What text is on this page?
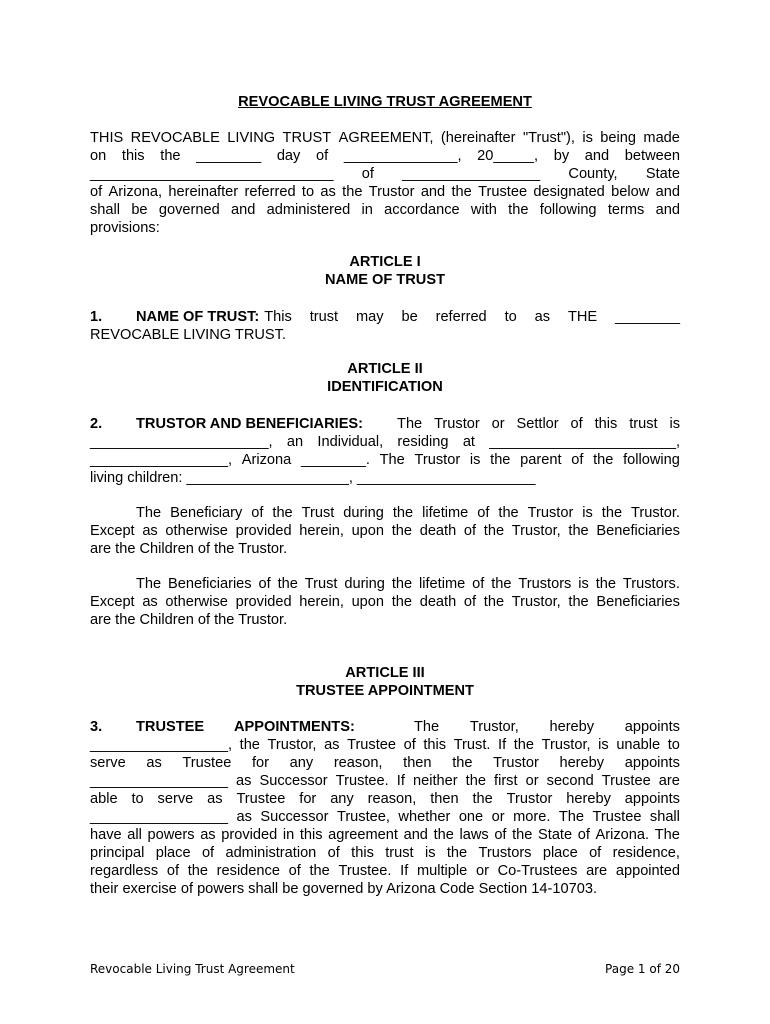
REVOCABLE LIVING TRUST AGREEMENT
THIS REVOCABLE LIVING TRUST AGREEMENT, (hereinafter "Trust"), is being made
on this the ________ day of ______________, 20_____, by and between
______________________________ of _________________ County, State
of Arizona, hereinafter referred to as the Trustor and the Trustee designated below and
shall be governed and administered in accordance with the following terms and
provisions:
ARTICLE I
NAME OF TRUST
1.	NAME OF TRUST: This trust may be referred to as THE ________
REVOCABLE LIVING TRUST.
ARTICLE II
IDENTIFICATION
2.	TRUSTOR AND BENEFICIARIES: The Trustor or Settlor of this trust is
______________________, an Individual, residing at _______________________,
_________________, Arizona ________. The Trustor is the parent of the following
living children: ____________________, ______________________
The Beneficiary of the Trust during the lifetime of the Trustor is the Trustor.
Except as otherwise provided herein, upon the death of the Trustor, the Beneficiaries
are the Children of the Trustor.
The Beneficiaries of the Trust during the lifetime of the Trustors is the Trustors.
Except as otherwise provided herein, upon the death of the Trustor, the Beneficiaries
are the Children of the Trustor.
ARTICLE III
TRUSTEE APPOINTMENT
3.	TRUSTEE	APPOINTMENTS:	The Trustor, hereby appoints
_________________, the Trustor, as Trustee of this Trust. If the Trustor, is unable to
serve as Trustee for any reason, then the Trustor hereby appoints
_________________ as Successor Trustee. If neither the first or second Trustee are
able to serve as Trustee for any reason, then the Trustor hereby appoints
_________________ as Successor Trustee, whether one or more. The Trustee shall
have all powers as provided in this agreement and the laws of the State of Arizona. The
principal place of administration of this trust is the Trustors place of residence,
regardless of the residence of the Trustee. If multiple or Co-Trustees are appointed
their exercise of powers shall be governed by Arizona Code Section 14-10703.
Revocable Living Trust Agreement	Page 1 of 20
